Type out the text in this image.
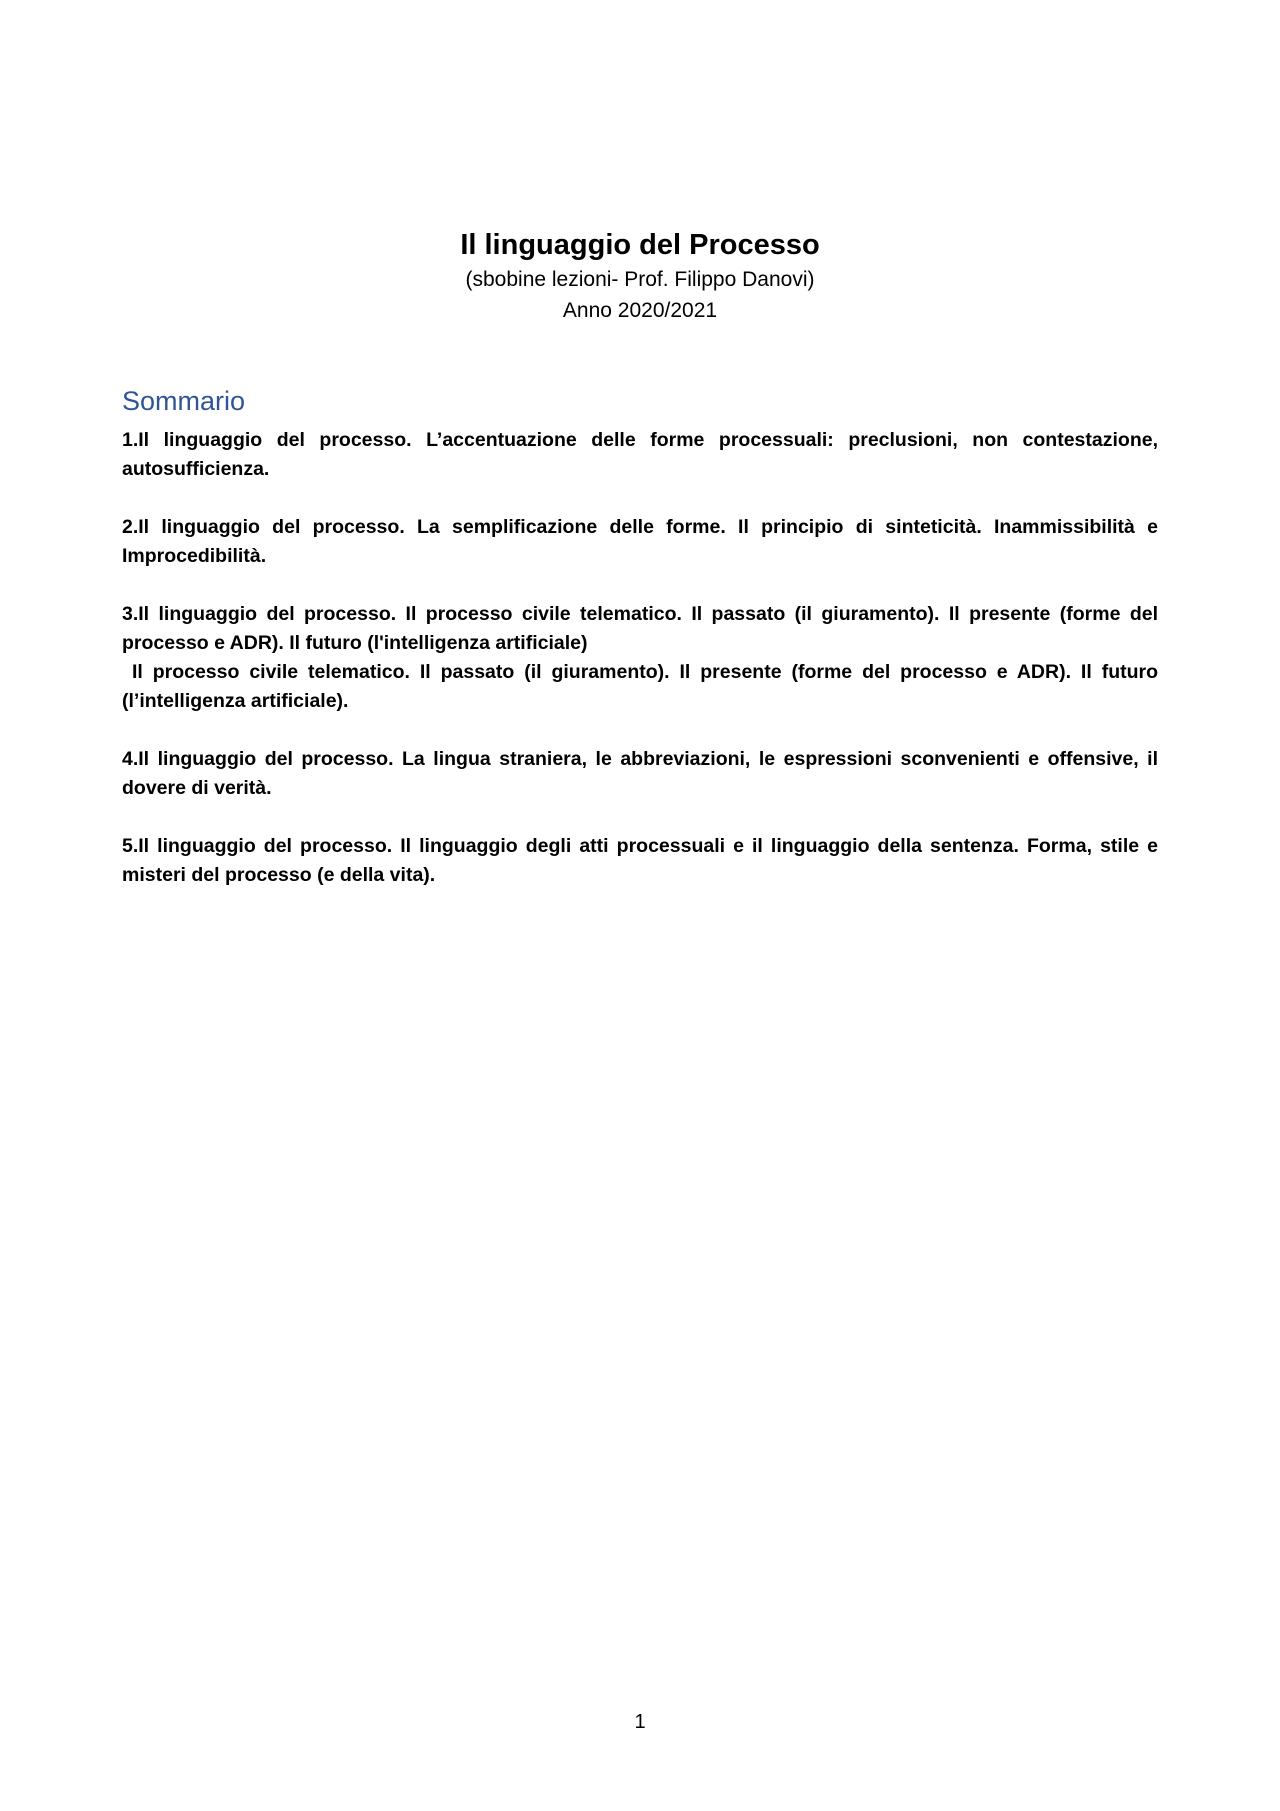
Il linguaggio del Processo

(sbobine lezioni- Prof. Filippo Danovi)

Anno 2020/2021

Sommario

1.Il linguaggio del processo. L’accentuazione delle forme processuali: preclusioni, non contestazione, autosufficienza.

2.Il linguaggio del processo. La semplificazione delle forme. Il principio di sinteticità. Inammissibilità e Improcedibilità.

3.Il linguaggio del processo. Il processo civile telematico. Il passato (il giuramento). Il presente (forme del processo e ADR). Il futuro (l'intelligenza artificiale)

Il processo civile telematico. Il passato (il giuramento). Il presente (forme del processo e ADR). Il futuro (l’intelligenza artificiale).

4.Il linguaggio del processo. La lingua straniera, le abbreviazioni, le espressioni sconvenienti e offensive, il dovere di verità.

5.Il linguaggio del processo. Il linguaggio degli atti processuali e il linguaggio della sentenza. Forma, stile e misteri del processo (e della vita).

1
